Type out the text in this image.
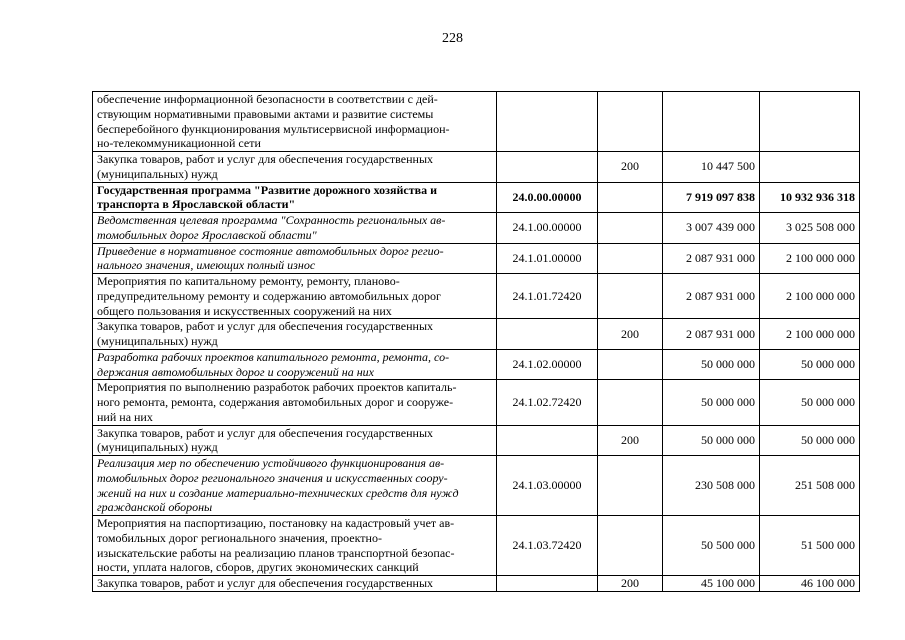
228
обеспечение информационной безопасности в соответствии с дей-
ствующим нормативными правовыми актами и развитие системы
бесперебойного функционирования мультисервисной информацион-
но-телекоммуникационной сети				

Закупка товаров, работ и услуг для обеспечения государственных
(муниципальных) нужд		200	10 447 500	

Государственная программа "Развитие дорожного хозяйства и
транспорта в Ярославской области"	24.0.00.00000		7 919 097 838	10 932 936 318

Ведомственная целевая программа "Сохранность региональных ав-
томобильных дорог Ярославской области"	24.1.00.00000		3 007 439 000	3 025 508 000

Приведение в нормативное состояние автомобильных дорог регио-
нального значения, имеющих полный износ	24.1.01.00000		2 087 931 000	2 100 000 000

Мероприятия по капитальному ремонту, ремонту, планово-
предупредительному ремонту и содержанию автомобильных дорог
общего пользования и искусственных сооружений на них	24.1.01.72420		2 087 931 000	2 100 000 000

Закупка товаров, работ и услуг для обеспечения государственных
(муниципальных) нужд		200	2 087 931 000	2 100 000 000

Разработка рабочих проектов капитального ремонта, ремонта, со-
держания автомобильных дорог и сооружений на них	24.1.02.00000		50 000 000	50 000 000

Мероприятия по выполнению разработок рабочих проектов капиталь-
ного ремонта, ремонта, содержания автомобильных дорог и сооруже-
ний на них	24.1.02.72420		50 000 000	50 000 000

Закупка товаров, работ и услуг для обеспечения государственных
(муниципальных) нужд		200	50 000 000	50 000 000

Реализация мер по обеспечению устойчивого функционирования ав-
томобильных дорог регионального значения и искусственных соору-
жений на них и создание материально-технических средств для нужд
гражданской обороны	24.1.03.00000		230 508 000	251 508 000

Мероприятия на паспортизацию, постановку на кадастровый учет ав-
томобильных дорог регионального значения, проектно-
изыскательские работы на реализацию планов транспортной безопас-
ности, уплата налогов, сборов, других экономических санкций	24.1.03.72420		50 500 000	51 500 000

Закупка товаров, работ и услуг для обеспечения государственных		200	45 100 000	46 100 000
